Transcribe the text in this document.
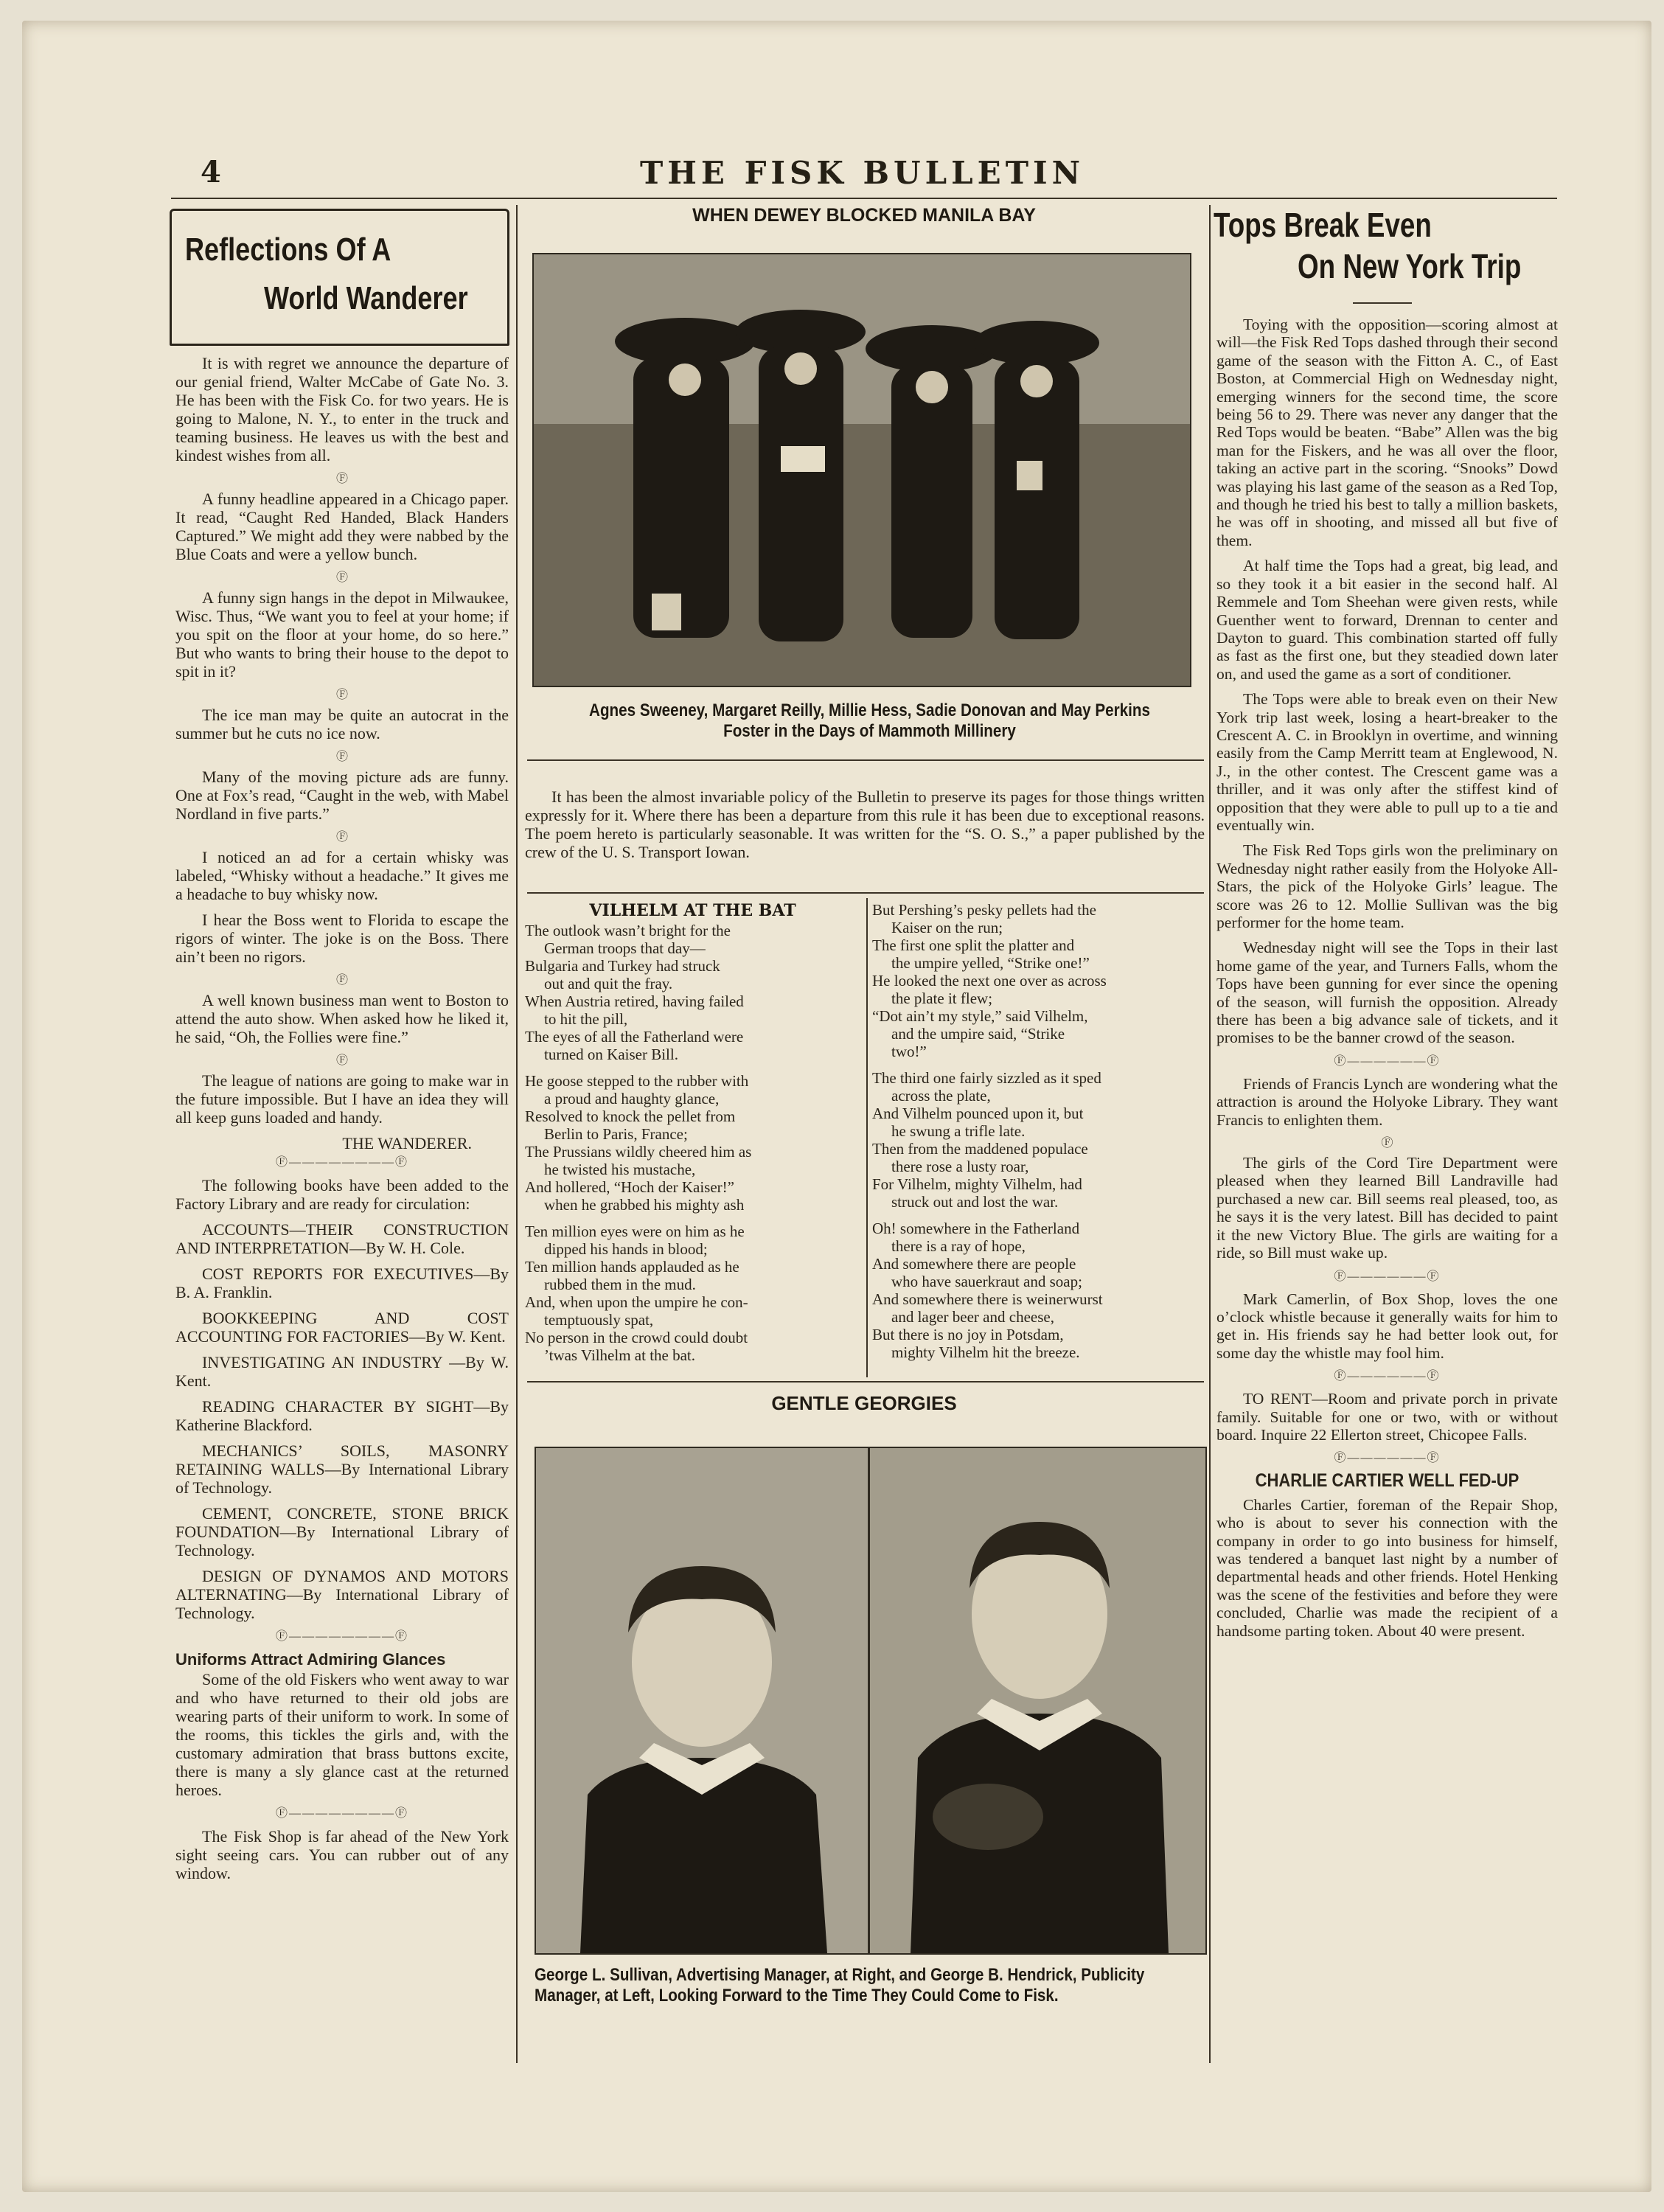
4	THE FISK BULLETIN
Reflections Of A
World Wanderer

It is with regret we announce the departure of our genial friend, Walter McCabe of Gate No. 3. He has been with the Fisk Co. for two years. He is going to Malone, N. Y., to enter in the truck and teaming business. He leaves us with the best and kindest wishes from all.

Ⓕ

A funny headline appeared in a Chicago paper. It read, “Caught Red Handed, Black Handers Captured.” We might add they were nabbed by the Blue Coats and were a yellow bunch.

Ⓕ

A funny sign hangs in the depot in Milwaukee, Wisc. Thus, “We want you to feel at your home; if you spit on the floor at your home, do so here.” But who wants to bring their house to the depot to spit in it?

Ⓕ

The ice man may be quite an autocrat in the summer but he cuts no ice now.

Ⓕ

Many of the moving picture ads are funny. One at Fox’s read, “Caught in the web, with Mabel Nordland in five parts.”

Ⓕ

I noticed an ad for a certain whisky was labeled, “Whisky without a headache.” It gives me a headache to buy whisky now.

I hear the Boss went to Florida to escape the rigors of winter. The joke is on the Boss. There ain’t been no rigors.

Ⓕ

A well known business man went to Boston to attend the auto show. When asked how he liked it, he said, “Oh, the Follies were fine.”

Ⓕ

The league of nations are going to make war in the future impossible. But I have an idea they will all keep guns loaded and handy.

THE WANDERER.
Ⓕ————————Ⓕ

The following books have been added to the Factory Library and are ready for circulation:

ACCOUNTS—THEIR CONSTRUCTION AND INTERPRETATION—By W. H. Cole.

COST REPORTS FOR EXECUTIVES—By B. A. Franklin.

BOOKKEEPING AND COST ACCOUNTING FOR FACTORIES—By W. Kent.

INVESTIGATING AN INDUSTRY —By W. Kent.

READING CHARACTER BY SIGHT—By Katherine Blackford.

MECHANICS’ SOILS, MASONRY RETAINING WALLS—By International Library of Technology.

CEMENT, CONCRETE, STONE BRICK FOUNDATION—By International Library of Technology.

DESIGN OF DYNAMOS AND MOTORS ALTERNATING—By International Library of Technology.

Ⓕ————————Ⓕ
Uniforms Attract Admiring Glances

Some of the old Fiskers who went away to war and who have returned to their old jobs are wearing parts of their uniform to work. In some of the rooms, this tickles the girls and, with the customary admiration that brass buttons excite, there is many a sly glance cast at the returned heroes.

Ⓕ————————Ⓕ

The Fisk Shop is far ahead of the New York sight seeing cars. You can rubber out of any window.

WHEN DEWEY BLOCKED MANILA BAY

Agnes Sweeney, Margaret Reilly, Millie Hess, Sadie Donovan and May Perkins Foster in the Days of Mammoth Millinery

It has been the almost invariable policy of the Bulletin to preserve its pages for those things written expressly for it. Where there has been a departure from this rule it has been due to exceptional reasons. The poem hereto is particularly seasonable. It was written for the “S. O. S.,” a paper published by the crew of the U. S. Transport Iowan.

VILHELM AT THE BAT
The outlook wasn’t bright for the
German troops that day—
Bulgaria and Turkey had struck
out and quit the fray.
When Austria retired, having failed
to hit the pill,
The eyes of all the Fatherland were
turned on Kaiser Bill.
He goose stepped to the rubber with
a proud and haughty glance,
Resolved to knock the pellet from
Berlin to Paris, France;
The Prussians wildly cheered him as
he twisted his mustache,
And hollered, “Hoch der Kaiser!”
when he grabbed his mighty ash
Ten million eyes were on him as he
dipped his hands in blood;
Ten million hands applauded as he
rubbed them in the mud.
And, when upon the umpire he con-
temptuously spat,
No person in the crowd could doubt
’twas Vilhelm at the bat.
But Pershing’s pesky pellets had the
Kaiser on the run;
The first one split the platter and
the umpire yelled, “Strike one!”
He looked the next one over as across
the plate it flew;
“Dot ain’t my style,” said Vilhelm,
and the umpire said, “Strike
two!”
The third one fairly sizzled as it sped
across the plate,
And Vilhelm pounced upon it, but
he swung a trifle late.
Then from the maddened populace
there rose a lusty roar,
For Vilhelm, mighty Vilhelm, had
struck out and lost the war.
Oh! somewhere in the Fatherland
there is a ray of hope,
And somewhere there are people
who have sauerkraut and soap;
And somewhere there is weinerwurst
and lager beer and cheese,
But there is no joy in Potsdam,
mighty Vilhelm hit the breeze.
GENTLE GEORGIES

George L. Sullivan, Advertising Manager, at Right, and George B. Hendrick, Publicity Manager, at Left, Looking Forward to the Time They Could Come to Fisk.

Tops Break Even
On New York Trip

Toying with the opposition—scoring almost at will—the Fisk Red Tops dashed through their second game of the season with the Fitton A. C., of East Boston, at Commercial High on Wednesday night, emerging winners for the second time, the score being 56 to 29. There was never any danger that the Red Tops would be beaten. “Babe” Allen was the big man for the Fiskers, and he was all over the floor, taking an active part in the scoring. “Snooks” Dowd was playing his last game of the season as a Red Top, and though he tried his best to tally a million baskets, he was off in shooting, and missed all but five of them.

At half time the Tops had a great, big lead, and so they took it a bit easier in the second half. Al Remmele and Tom Sheehan were given rests, while Guenther went to forward, Drennan to center and Dayton to guard. This combination started off fully as fast as the first one, but they steadied down later on, and used the game as a sort of conditioner.

The Tops were able to break even on their New York trip last week, losing a heart-breaker to the Crescent A. C. in Brooklyn in overtime, and winning easily from the Camp Merritt team at Englewood, N. J., in the other contest. The Crescent game was a thriller, and it was only after the stiffest kind of opposition that they were able to pull up to a tie and eventually win.

The Fisk Red Tops girls won the preliminary on Wednesday night rather easily from the Holyoke All-Stars, the pick of the Holyoke Girls’ league. The score was 26 to 12. Mollie Sullivan was the big performer for the home team.

Wednesday night will see the Tops in their last home game of the year, and Turners Falls, whom the Tops have been gunning for ever since the opening of the season, will furnish the opposition. Already there has been a big advance sale of tickets, and it promises to be the banner crowd of the season.

Ⓕ——————Ⓕ

Friends of Francis Lynch are wondering what the attraction is around the Holyoke Library. They want Francis to enlighten them.

Ⓕ

The girls of the Cord Tire Department were pleased when they learned Bill Landraville had purchased a new car. Bill seems real pleased, too, as he says it is the very latest. Bill has decided to paint it the new Victory Blue. The girls are waiting for a ride, so Bill must wake up.

Ⓕ——————Ⓕ

Mark Camerlin, of Box Shop, loves the one o’clock whistle because it generally waits for him to get in. His friends say he had better look out, for some day the whistle may fool him.

Ⓕ——————Ⓕ

TO RENT—Room and private porch in private family. Suitable for one or two, with or without board. Inquire 22 Ellerton street, Chicopee Falls.

Ⓕ——————Ⓕ
CHARLIE CARTIER WELL FED-UP

Charles Cartier, foreman of the Repair Shop, who is about to sever his connection with the company in order to go into business for himself, was tendered a banquet last night by a number of departmental heads and other friends. Hotel Henking was the scene of the festivities and before they were concluded, Charlie was made the recipient of a handsome parting token. About 40 were present.
